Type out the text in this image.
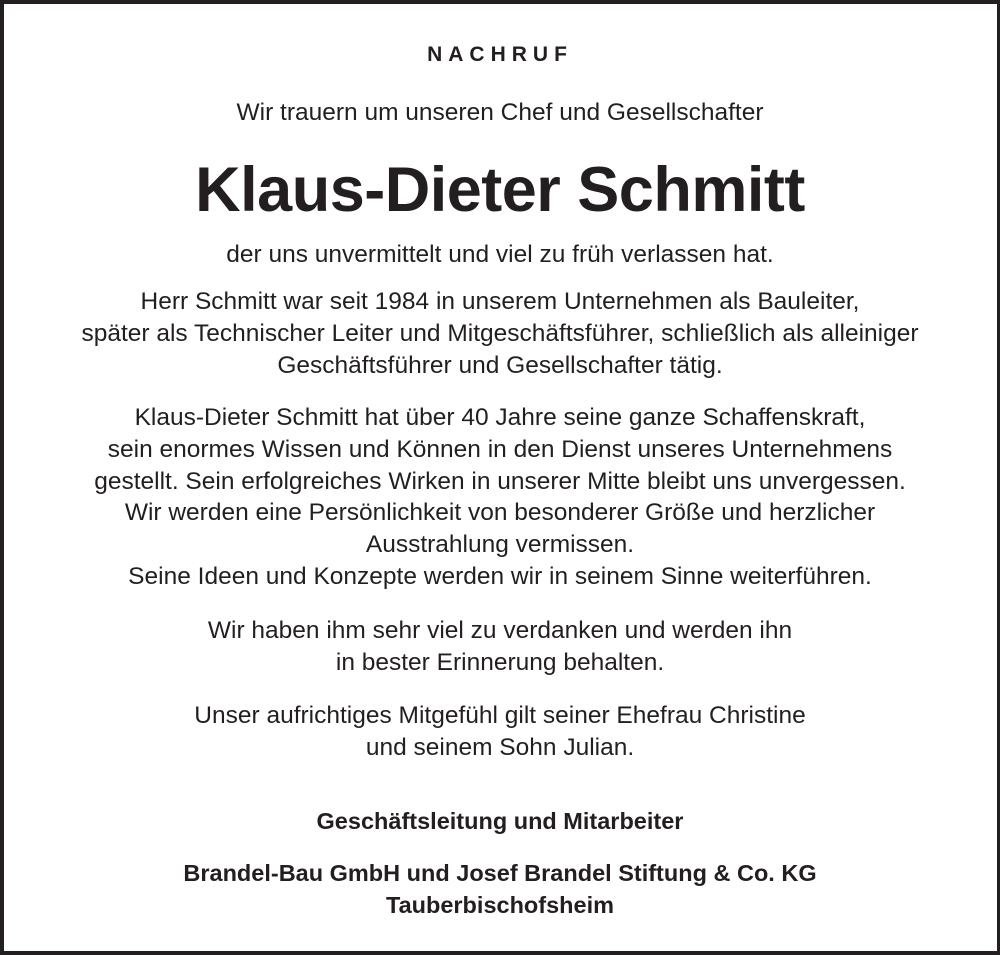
NACHRUF
Wir trauern um unseren Chef und Gesellschafter
Klaus-Dieter Schmitt
der uns unvermittelt und viel zu früh verlassen hat.
Herr Schmitt war seit 1984 in unserem Unternehmen als Bauleiter,
später als Technischer Leiter und Mitgeschäftsführer, schließlich als alleiniger
Geschäftsführer und Gesellschafter tätig.
Klaus-Dieter Schmitt hat über 40 Jahre seine ganze Schaffenskraft,
sein enormes Wissen und Können in den Dienst unseres Unternehmens
gestellt. Sein erfolgreiches Wirken in unserer Mitte bleibt uns unvergessen.
Wir werden eine Persönlichkeit von besonderer Größe und herzlicher
Ausstrahlung vermissen.
Seine Ideen und Konzepte werden wir in seinem Sinne weiterführen.
Wir haben ihm sehr viel zu verdanken und werden ihn
in bester Erinnerung behalten.
Unser aufrichtiges Mitgefühl gilt seiner Ehefrau Christine
und seinem Sohn Julian.
Geschäftsleitung und Mitarbeiter
Brandel-Bau GmbH und Josef Brandel Stiftung & Co. KG
Tauberbischofsheim
